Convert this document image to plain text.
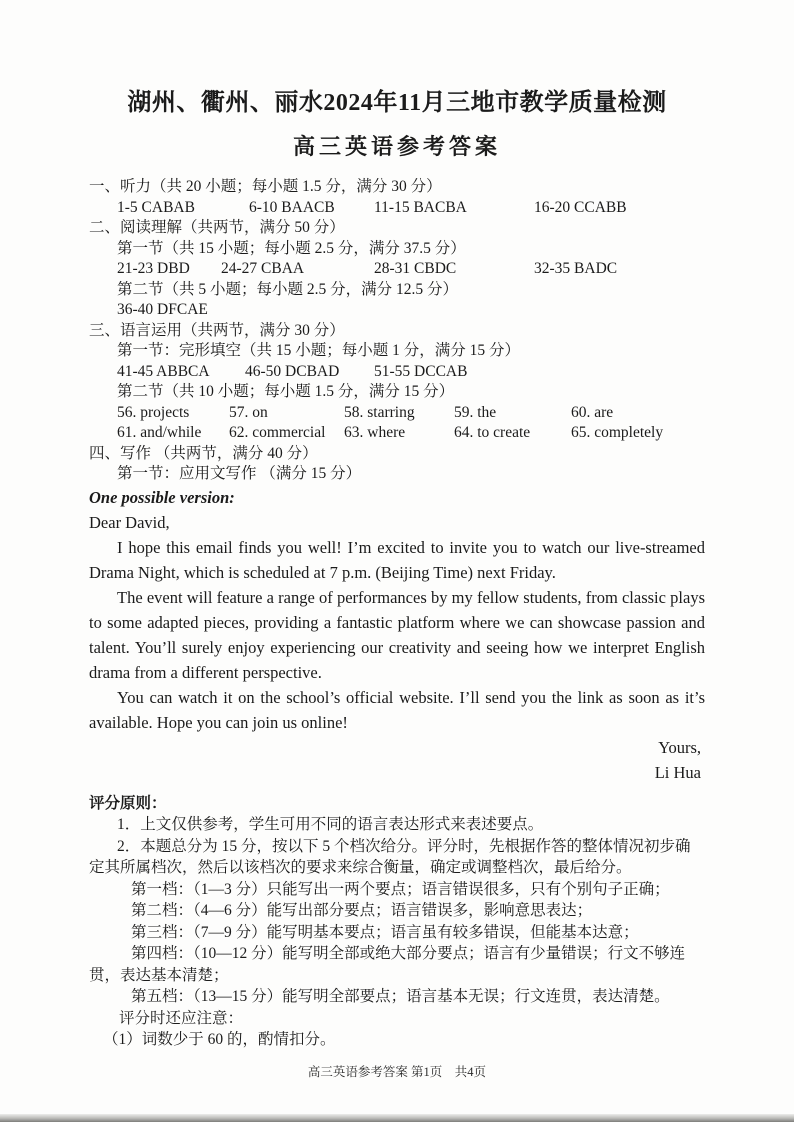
湖州、衢州、丽水2024年11月三地市教学质量检测
高三英语参考答案
一、听力（共 20 小题；每小题 1.5 分，满分 30 分）
1-5 CABAB	6-10 BAACB	11-15 BACBA	16-20 CCABB
二、阅读理解（共两节，满分 50 分）
第一节（共 15 小题；每小题 2.5 分，满分 37.5 分）
21-23 DBD	24-27 CBAA	28-31 CBDC	32-35 BADC
第二节（共 5 小题；每小题 2.5 分，满分 12.5 分）
36-40 DFCAE
三、语言运用（共两节，满分 30 分）
第一节：完形填空（共 15 小题；每小题 1 分，满分 15 分）
41-45 ABBCA	46-50 DCBAD	51-55 DCCAB
第二节（共 10 小题；每小题 1.5 分，满分 15 分）
56. projects	57. on	58. starring	59. the	60. are
61. and/while	62. commercial	63. where	64. to create	65. completely
四、写作 （共两节，满分 40 分）
第一节：应用文写作 （满分 15 分）
One possible version:
Dear David,

I hope this email finds you well! I’m excited to invite you to watch our live-streamed Drama Night, which is scheduled at 7 p.m. (Beijing Time) next Friday.

The event will feature a range of performances by my fellow students, from classic plays to some adapted pieces, providing a fantastic platform where we can showcase passion and talent. You’ll surely enjoy experiencing our creativity and seeing how we interpret English drama from a different perspective.

You can watch it on the school’s official website. I’ll send you the link as soon as it’s available. Hope you can join us online!

Yours,
Li Hua
评分原则：
1．上文仅供参考，学生可用不同的语言表达形式来表述要点。
2．本题总分为 15 分，按以下 5 个档次给分。评分时，先根据作答的整体情况初步确定其所属档次，然后以该档次的要求来综合衡量，确定或调整档次，最后给分。
第一档：（1—3 分）只能写出一两个要点；语言错误很多，只有个别句子正确；
第二档：（4—6 分）能写出部分要点；语言错误多，影响意思表达；
第三档：（7—9 分）能写明基本要点；语言虽有较多错误，但能基本达意；
第四档：（10—12 分）能写明全部或绝大部分要点；语言有少量错误；行文不够连贯，表达基本清楚；
第五档：（13—15 分）能写明全部要点；语言基本无误；行文连贯，表达清楚。
评分时还应注意：
（1）词数少于 60 的，酌情扣分。
高三英语参考答案 第1页　共4页
